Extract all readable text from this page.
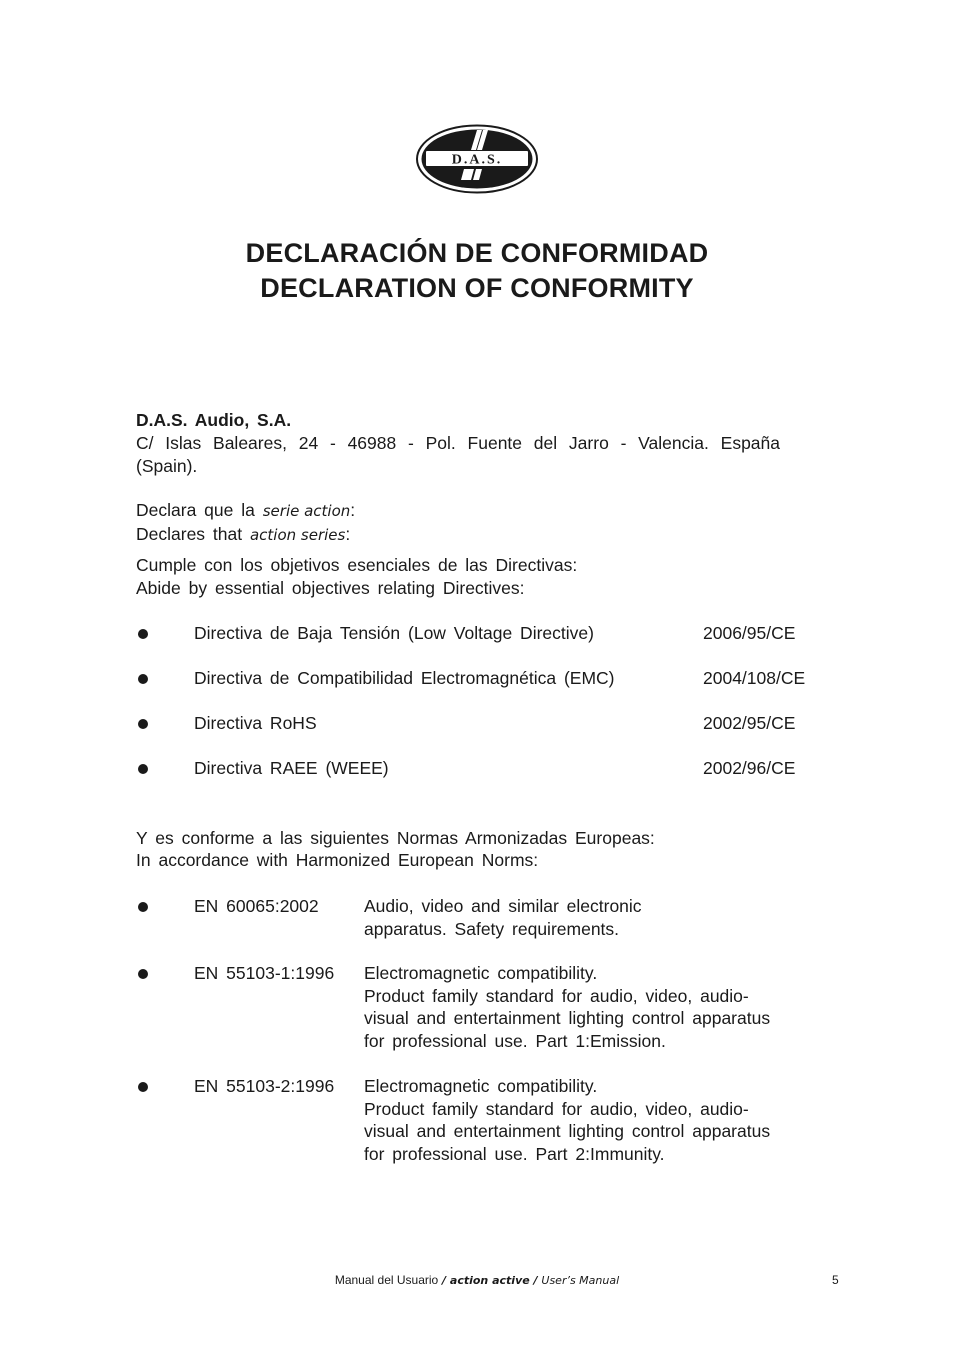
D.A.S.
DECLARACIÓN DE CONFORMIDAD
DECLARATION OF CONFORMITY
D.A.S. Audio, S.A.
C/ Islas Baleares, 24 - 46988 - Pol. Fuente del Jarro - Valencia. España (Spain).
Declara que la serie action:
Declares that action series:
Cumple con los objetivos esenciales de las Directivas:
Abide by essential objectives relating Directives:
Directiva de Baja Tensión (Low Voltage Directive)	2006/95/CE
Directiva de Compatibilidad Electromagnética (EMC)	2004/108/CE
Directiva RoHS	2002/95/CE
Directiva RAEE (WEEE)	2002/96/CE
Y es conforme a las siguientes Normas Armonizadas Europeas:
In accordance with Harmonized European Norms:
EN 60065:2002	Audio, video and similar electronic
apparatus. Safety requirements.
EN 55103-1:1996 Electromagnetic compatibility.
Product family standard for audio, video, audio-
visual and entertainment lighting control apparatus
for professional use. Part 1:Emission.
EN 55103-2:1996 Electromagnetic compatibility.
Product family standard for audio, video, audio-
visual and entertainment lighting control apparatus
for professional use. Part 2:Immunity.
Manual del Usuario / action active / User’s Manual	5
